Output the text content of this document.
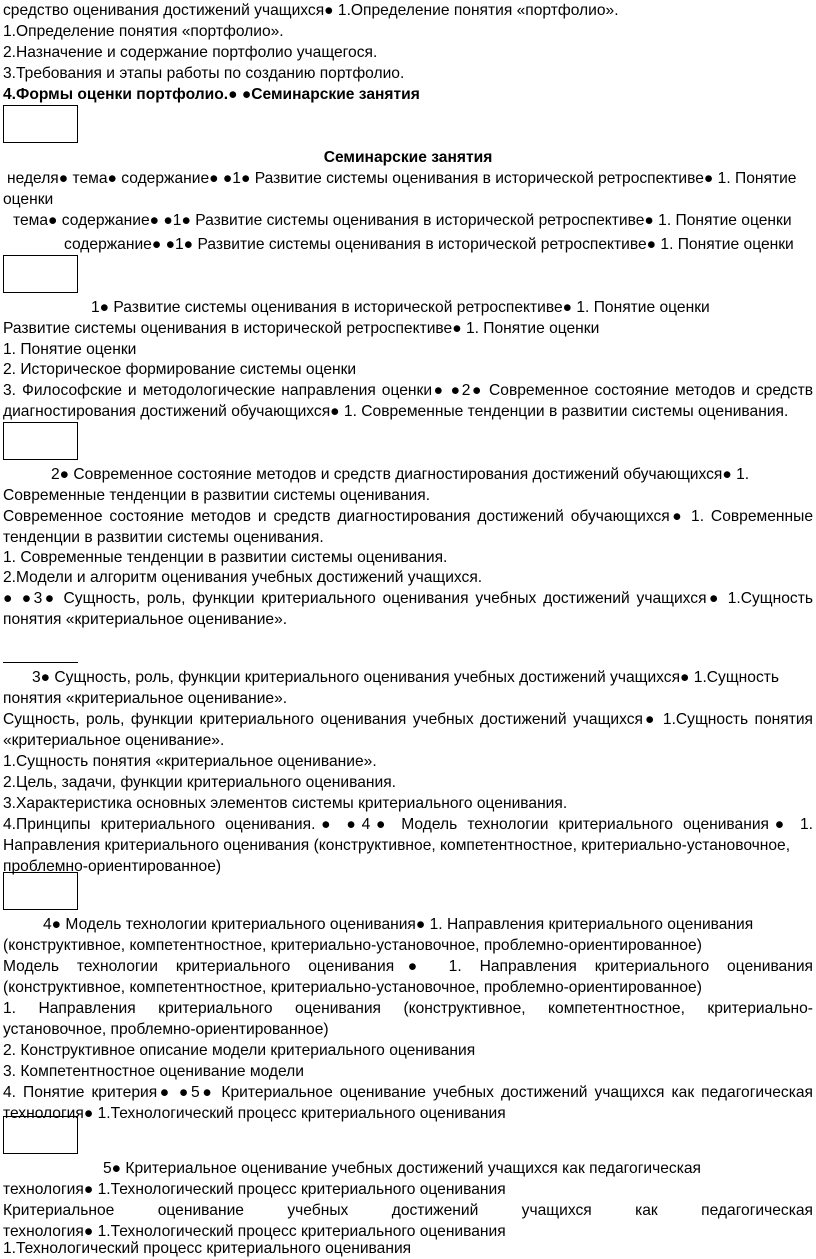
средство оценивания достижений учащихся● 1.Определение понятия «портфолио».
1.Определение понятия «портфолио».
2.Назначение и содержание портфолио учащегося.
3.Требования и этапы работы по созданию портфолио.
4.Формы оценки портфолио.● ●Семинарские занятия
Семинарские занятия
неделя● тема● содержание● ●1● Развитие системы оценивания в исторической ретроспективе● 1. Понятие
оценки
тема● содержание● ●1● Развитие системы оценивания в исторической ретроспективе● 1. Понятие оценки
содержание● ●1● Развитие системы оценивания в исторической ретроспективе● 1. Понятие оценки
1● Развитие системы оценивания в исторической ретроспективе● 1. Понятие оценки
Развитие системы оценивания в исторической ретроспективе● 1. Понятие оценки
1. Понятие оценки
2. Историческое формирование системы оценки
3. Философские и методологические направления оценки● ●2● Современное состояние методов и средств
диагностирования достижений обучающихся● 1. Современные тенденции в развитии системы оценивания.
2● Современное состояние методов и средств диагностирования достижений обучающихся● 1.
Современные тенденции в развитии системы оценивания.
Современное состояние методов и средств диагностирования достижений обучающихся● 1. Современные
тенденции в развитии системы оценивания.
1. Современные тенденции в развитии системы оценивания.
2.Модели и алгоритм оценивания учебных достижений учащихся.
● ●3● Сущность, роль, функции критериального оценивания учебных достижений учащихся● 1.Сущность
понятия «критериальное оценивание».
3● Сущность, роль, функции критериального оценивания учебных достижений учащихся● 1.Сущность
понятия «критериальное оценивание».
Сущность, роль, функции критериального оценивания учебных достижений учащихся● 1.Сущность понятия
«критериальное оценивание».
1.Сущность понятия «критериальное оценивание».
2.Цель, задачи, функции критериального оценивания.
3.Характеристика основных элементов системы критериального оценивания.
4.Принципы критериального оценивания.● ●4● Модель технологии критериального оценивания● 1.
Направления критериального оценивания (конструктивное, компетентностное, критериально-установочное,
проблемно-ориентированное)
4● Модель технологии критериального оценивания● 1. Направления критериального оценивания
(конструктивное, компетентностное, критериально-установочное, проблемно-ориентированное)
Модель технологии критериального оценивания● 1. Направления критериального оценивания
(конструктивное, компетентностное, критериально-установочное, проблемно-ориентированное)
1. Направления критериального оценивания (конструктивное, компетентностное, критериально-
установочное, проблемно-ориентированное)
2. Конструктивное описание модели критериального оценивания
3. Компетентностное оценивание модели
4. Понятие критерия● ●5● Критериальное оценивание учебных достижений учащихся как педагогическая
технология● 1.Технологический процесс критериального оценивания
5● Критериальное оценивание учебных достижений учащихся как педагогическая
технология● 1.Технологический процесс критериального оценивания
Критериальное оценивание учебных достижений учащихся как педагогическая
технология● 1.Технологический процесс критериального оценивания
1.Технологический процесс критериального оценивания
